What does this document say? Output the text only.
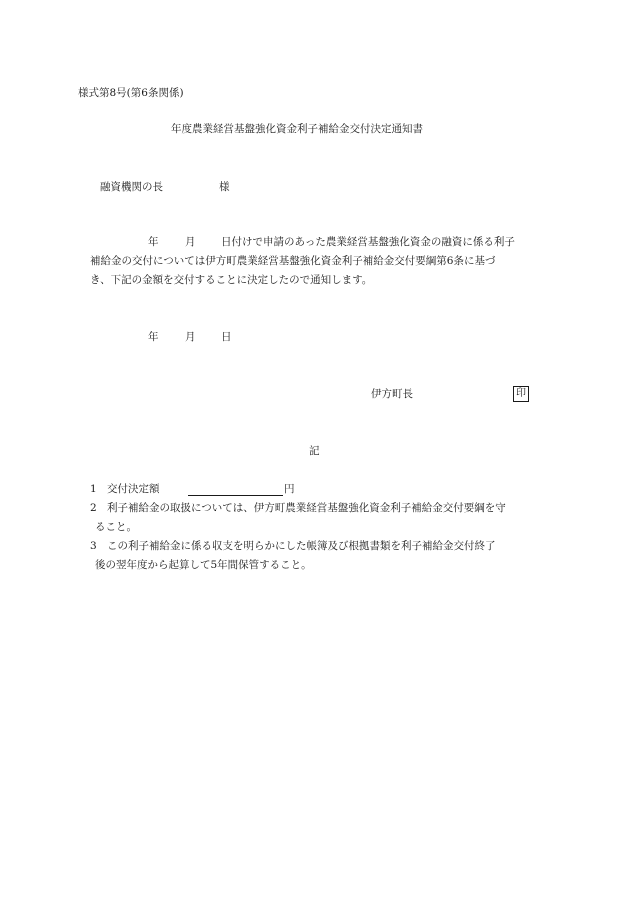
様式第8号(第6条関係)
年度農業経営基盤強化資金利子補給金交付決定通知書
融資機関の長	様
年	月 日付けで申請のあった農業経営基盤強化資金の融資に係る利子
補給金の交付については伊方町農業経営基盤強化資金利子補給金交付要綱第6条に基づ
き、下記の金額を交付することに決定したので通知します。
年	月 日
伊方町長	印
記
1 交付決定額	円
2 利子補給金の取扱については、伊方町農業経営基盤強化資金利子補給金交付要綱を守
ること。
3 この利子補給金に係る収支を明らかにした帳簿及び根拠書類を利子補給金交付終了
後の翌年度から起算して5年間保管すること。
